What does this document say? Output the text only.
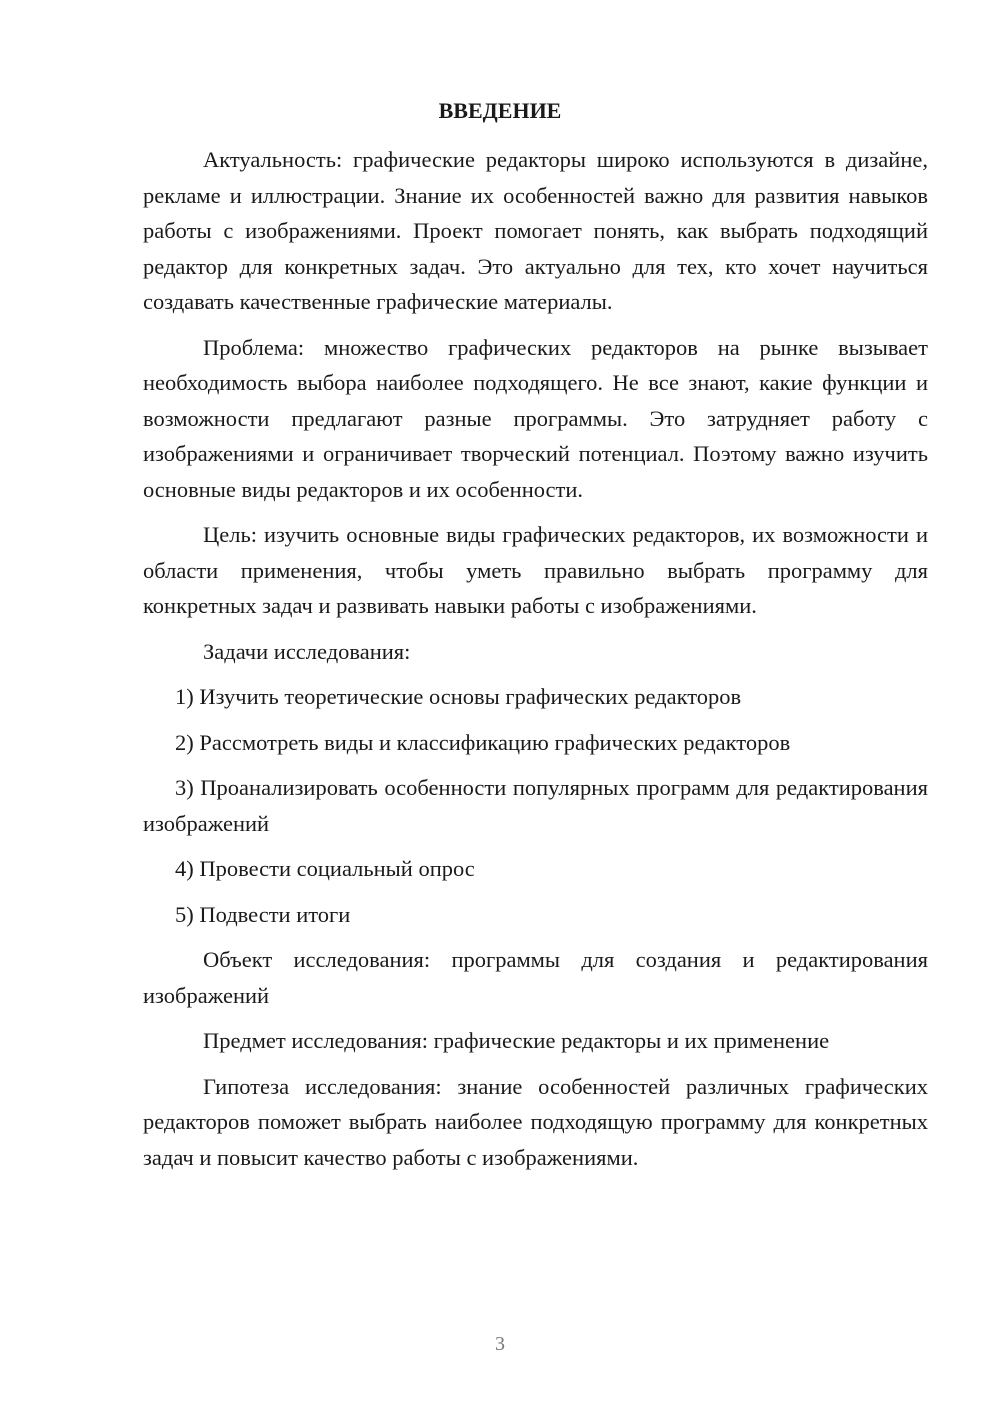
ВВЕДЕНИЕ

Актуальность: графические редакторы широко используются в дизайне, рекламе и иллюстрации. Знание их особенностей важно для развития навыков работы с изображениями. Проект помогает понять, как выбрать подходящий редактор для конкретных задач. Это актуально для тех, кто хочет научиться создавать качественные графические материалы.

Проблема: множество графических редакторов на рынке вызывает необходимость выбора наиболее подходящего. Не все знают, какие функции и возможности предлагают разные программы. Это затрудняет работу с изображениями и ограничивает творческий потенциал. Поэтому важно изучить основные виды редакторов и их особенности.

Цель: изучить основные виды графических редакторов, их возможности и области применения, чтобы уметь правильно выбрать программу для конкретных задач и развивать навыки работы с изображениями.

Задачи исследования:

1) Изучить теоретические основы графических редакторов

2) Рассмотреть виды и классификацию графических редакторов

3) Проанализировать особенности популярных программ для редактирования изображений

4) Провести социальный опрос

5) Подвести итоги

Объект исследования: программы для создания и редактирования изображений

Предмет исследования: графические редакторы и их применение

Гипотеза исследования: знание особенностей различных графических редакторов поможет выбрать наиболее подходящую программу для конкретных задач и повысит качество работы с изображениями.

3
